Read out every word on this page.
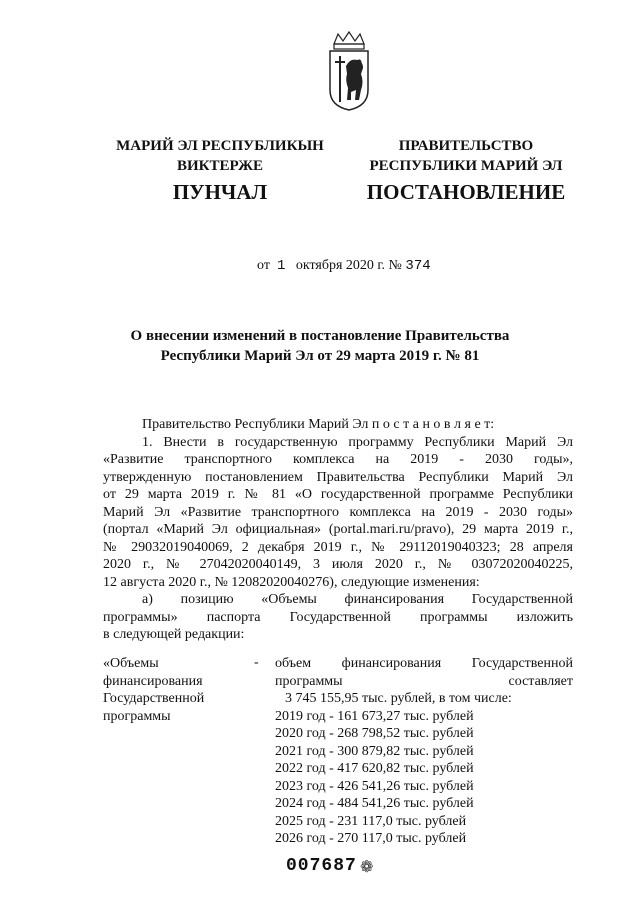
МАРИЙ ЭЛ РЕСПУБЛИКЫН
ВИКТЕРЖЕ
ПРАВИТЕЛЬСТВО
РЕСПУБЛИКИ МАРИЙ ЭЛ
ПУНЧАЛ	ПОСТАНОВЛЕНИЕ
от 1 октября 2020 г. № 374
О внесении изменений в постановление Правительства
Республики Марий Эл от 29 марта 2019 г. № 81
Правительство Республики Марий Эл п о с т а н о в л я е т:
1. Внести в государственную программу Республики Марий Эл
«Развитие транспортного комплекса на 2019 - 2030 годы»,
утвержденную постановлением Правительства Республики Марий Эл
от 29 марта 2019 г. № 81 «О государственной программе Республики
Марий Эл «Развитие транспортного комплекса на 2019 - 2030 годы»
(портал «Марий Эл официальная» (portal.mari.ru/pravo), 29 марта 2019 г.,
№ 29032019040069, 2 декабря 2019 г., № 29112019040323; 28 апреля
2020 г., № 27042020040149, 3 июля 2020 г., № 03072020040225,
12 августа 2020 г., № 12082020040276), следующие изменения:
а) позицию «Объемы финансирования Государственной
программы» паспорта Государственной программы изложить
в следующей редакции:
«Объемы
финансирования
Государственной
программы
- объем финансирования Государственной
программы составляет
3 745 155,95 тыс. рублей, в том числе:
2019 год - 161 673,27 тыс. рублей
2020 год - 268 798,52 тыс. рублей
2021 год - 300 879,82 тыс. рублей
2022 год - 417 620,82 тыс. рублей
2023 год - 426 541,26 тыс. рублей
2024 год - 484 541,26 тыс. рублей
2025 год - 231 117,0 тыс. рублей
2026 год - 270 117,0 тыс. рублей
007687 ❁
